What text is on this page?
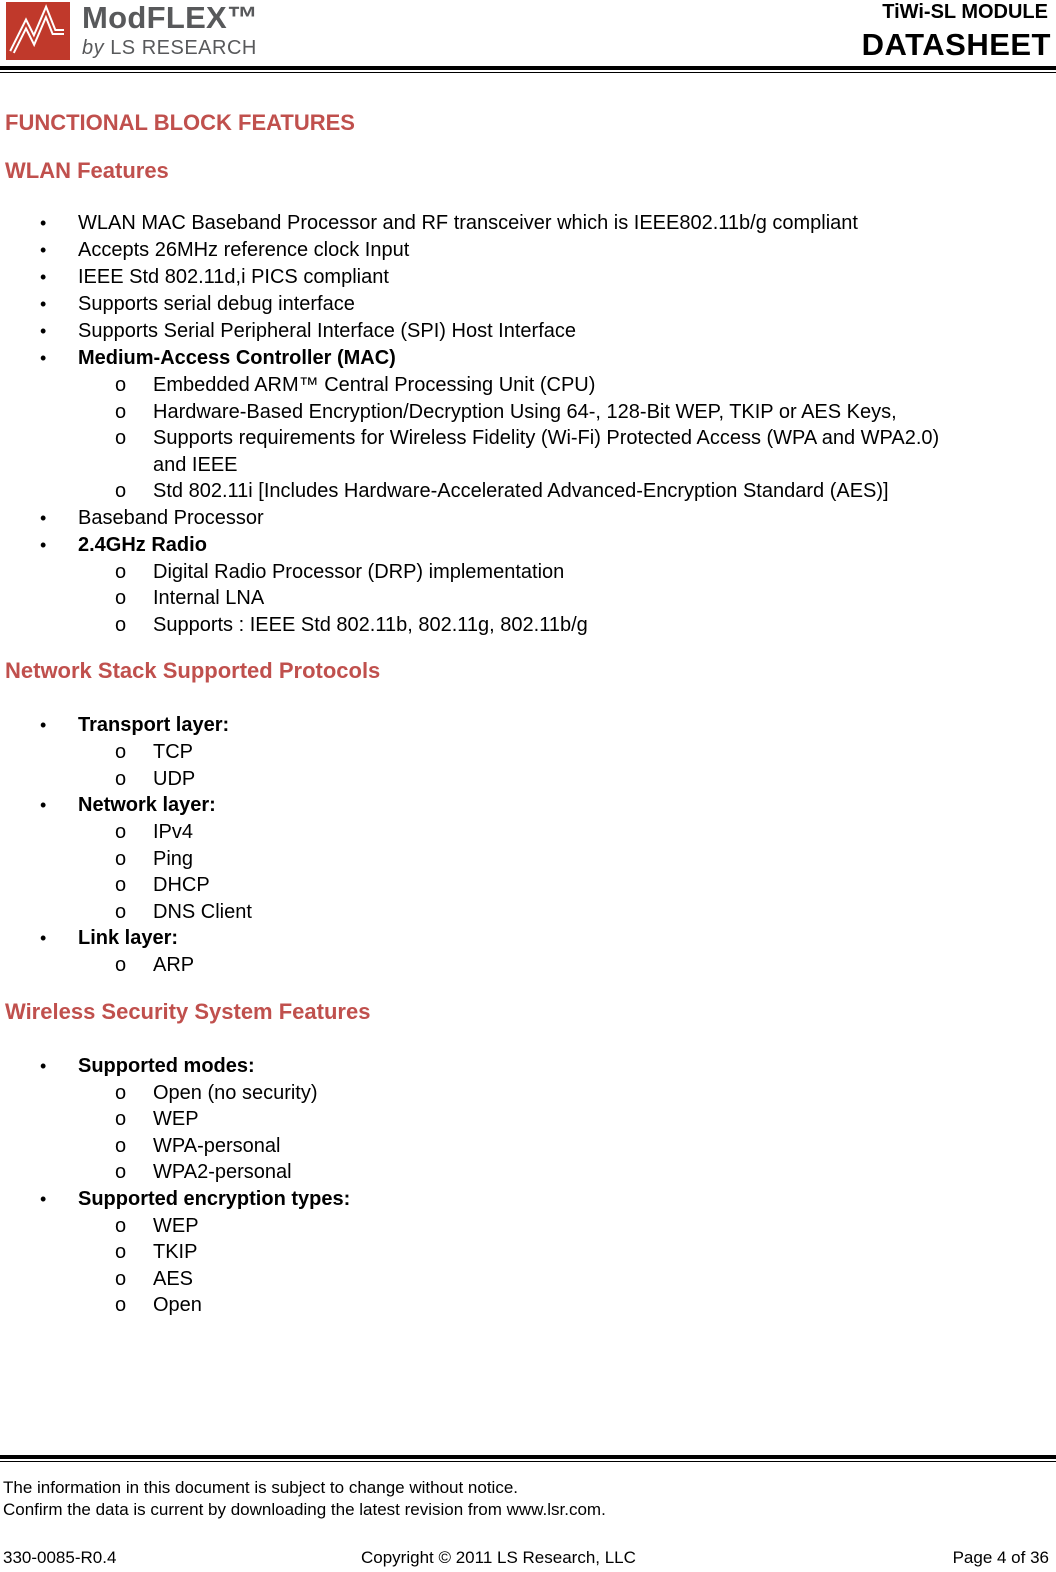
ModFLEX™
by LS RESEARCH
TiWi-SL MODULE
DATASHEET
FUNCTIONAL BLOCK FEATURES
WLAN Features
• WLAN MAC Baseband Processor and RF transceiver which is IEEE802.11b/g compliant
• Accepts 26MHz reference clock Input
• IEEE Std 802.11d,i PICS compliant
• Supports serial debug interface
• Supports Serial Peripheral Interface (SPI) Host Interface
• Medium-Access Controller (MAC)
o Embedded ARM™ Central Processing Unit (CPU)
o Hardware-Based Encryption/Decryption Using 64-, 128-Bit WEP, TKIP or AES Keys,
o Supports requirements for Wireless Fidelity (Wi-Fi) Protected Access (WPA and WPA2.0) and IEEE
o Std 802.11i [Includes Hardware-Accelerated Advanced-Encryption Standard (AES)]
• Baseband Processor
• 2.4GHz Radio
o Digital Radio Processor (DRP) implementation
o Internal LNA
o Supports : IEEE Std 802.11b, 802.11g, 802.11b/g
Network Stack Supported Protocols
• Transport layer:
o TCP
o UDP
• Network layer:
o IPv4
o Ping
o DHCP
o DNS Client
• Link layer:
o ARP
Wireless Security System Features
• Supported modes:
o Open (no security)
o WEP
o WPA-personal
o WPA2-personal
• Supported encryption types:
o WEP
o TKIP
o AES
o Open
The information in this document is subject to change without notice.
Confirm the data is current by downloading the latest revision from www.lsr.com.
330-0085-R0.4	Copyright © 2011 LS Research, LLC	Page 4 of 36
